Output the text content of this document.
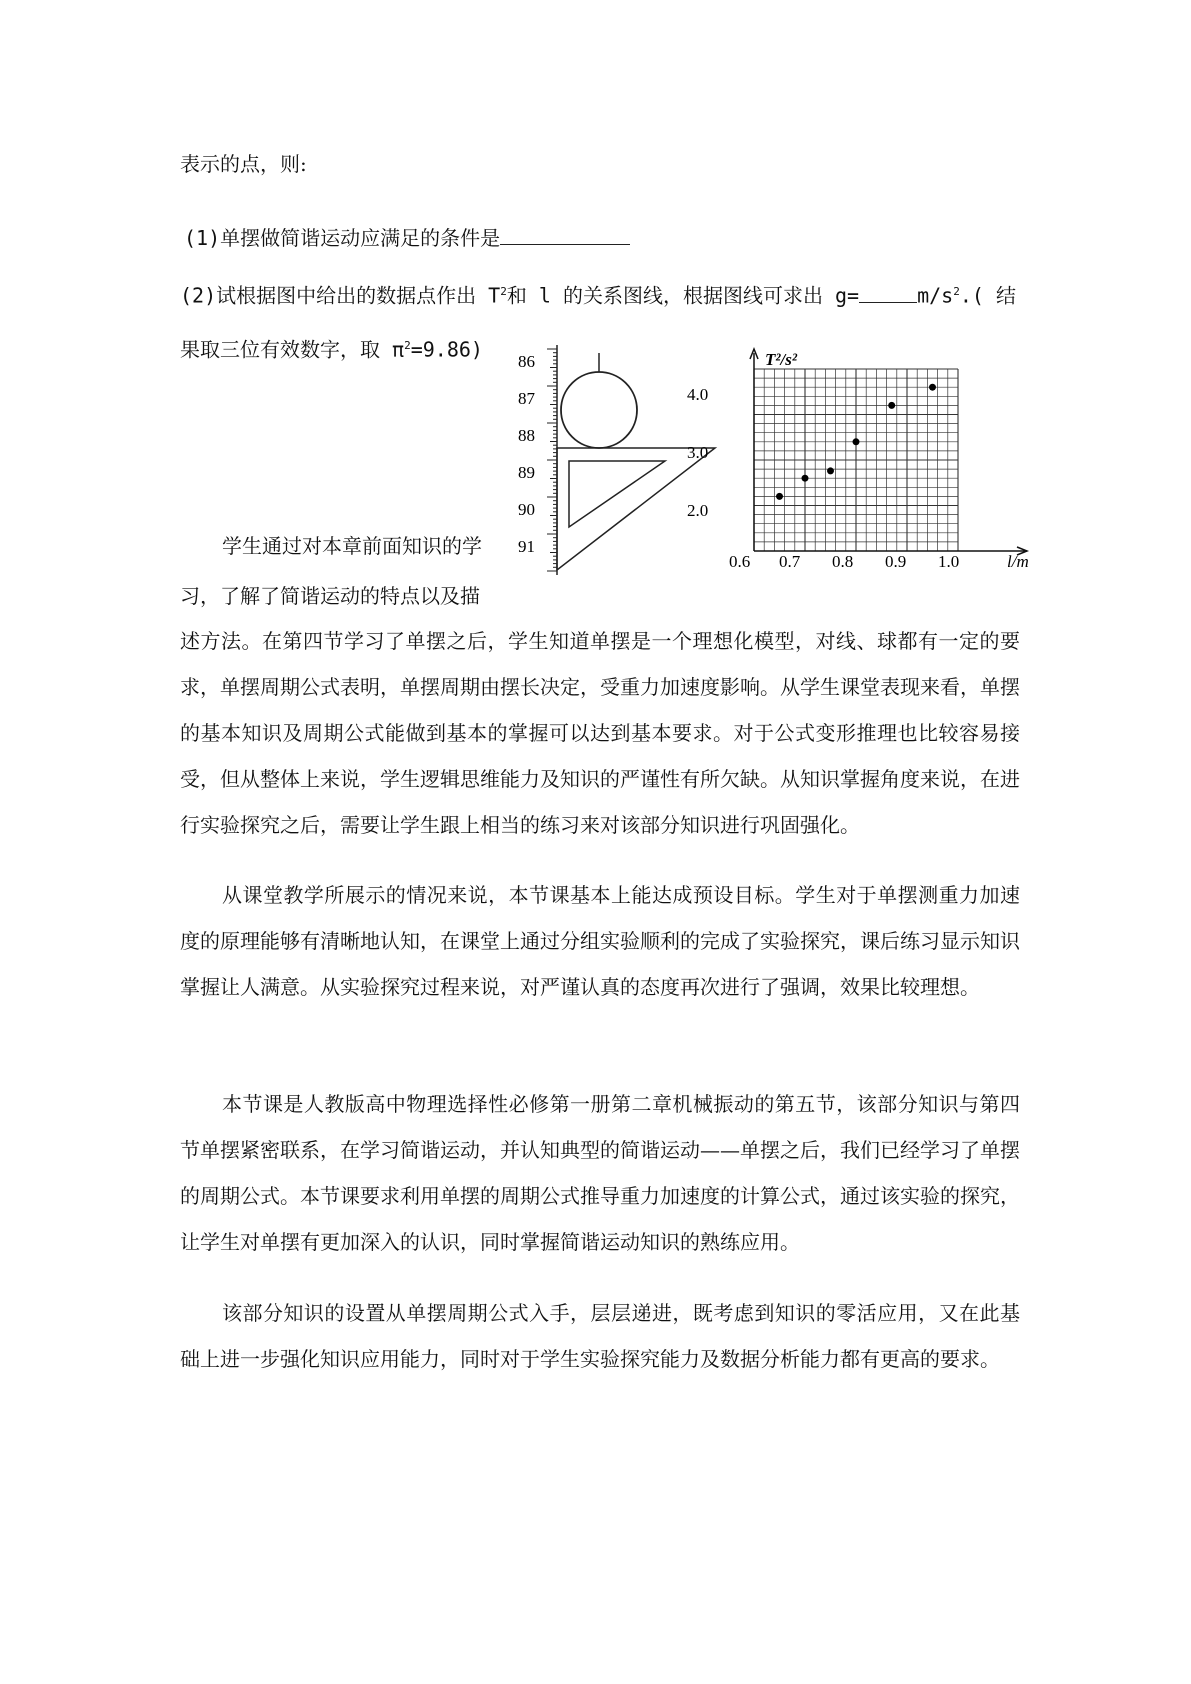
表示的点，则:
(1)单摆做简谐运动应满足的条件是
(2)试根据图中给出的数据点作出 $T^2$和 l 的关系图线，根据图线可求出 g=	$m/s^2$.( 结
果取三位有效数字，取 $\pi^2=9.86$) 86
87
88
89
90
91
T²/s²
l/m
4.0
3.0
2.0
0.6 0.7 0.8 0.9 1.0
学生通过对本章前面知识的学
习，了解了简谐运动的特点以及描

述方法。在第四节学习了单摆之后，学生知道单摆是一个理想化模型，对线、球都有一定的要求，单摆周期公式表明，单摆周期由摆长决定，受重力加速度影响。从学生课堂表现来看，单摆的基本知识及周期公式能做到基本的掌握可以达到基本要求。对于公式变形推理也比较容易接受，但从整体上来说，学生逻辑思维能力及知识的严谨性有所欠缺。从知识掌握角度来说，在进行实验探究之后，需要让学生跟上相当的练习来对该部分知识进行巩固强化。

从课堂教学所展示的情况来说，本节课基本上能达成预设目标。学生对于单摆测重力加速度的原理能够有清晰地认知，在课堂上通过分组实验顺利的完成了实验探究，课后练习显示知识掌握让人满意。从实验探究过程来说，对严谨认真的态度再次进行了强调，效果比较理想。

本节课是人教版高中物理选择性必修第一册第二章机械振动的第五节，该部分知识与第四节单摆紧密联系，在学习简谐运动，并认知典型的简谐运动——单摆之后，我们已经学习了单摆的周期公式。本节课要求利用单摆的周期公式推导重力加速度的计算公式，通过该实验的探究，让学生对单摆有更加深入的认识，同时掌握简谐运动知识的熟练应用。

该部分知识的设置从单摆周期公式入手，层层递进，既考虑到知识的零活应用，又在此基础上进一步强化知识应用能力，同时对于学生实验探究能力及数据分析能力都有更高的要求。
